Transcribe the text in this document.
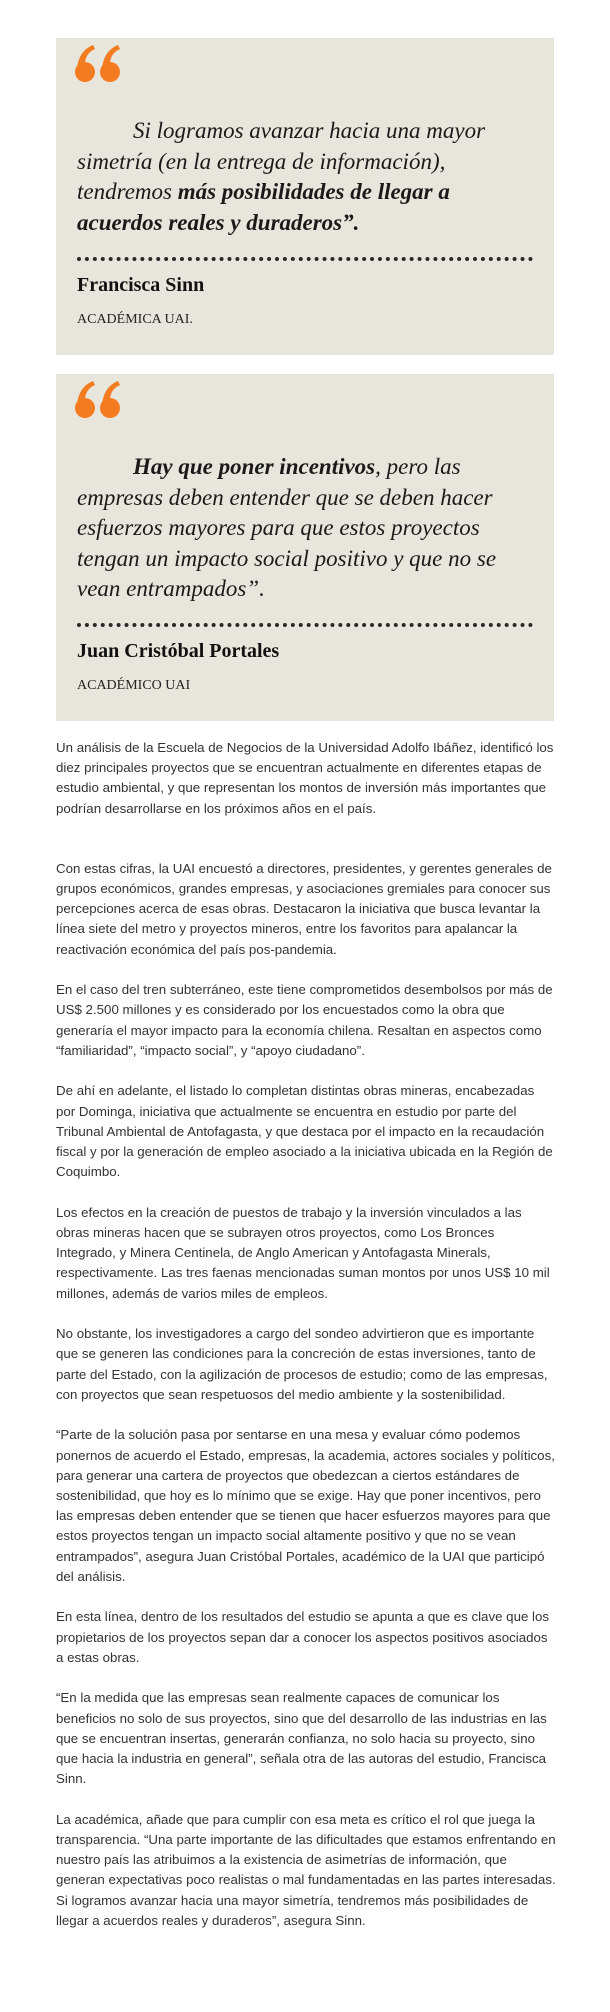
Si logramos avanzar hacia una mayor simetría (en la entrega de información), tendremos más posibilidades de llegar a acuerdos reales y duraderos”.

Francisca Sinn

ACADÉMICA UAI.

Hay que poner incentivos, pero las empresas deben entender que se deben hacer esfuerzos mayores para que estos proyectos tengan un impacto social positivo y que no se vean entrampados”.

Juan Cristóbal Portales

ACADÉMICO UAI

Un análisis de la Escuela de Negocios de la Universidad Adolfo Ibáñez, identificó los diez principales proyectos que se encuentran actualmente en diferentes etapas de estudio ambiental, y que representan los montos de inversión más importantes que podrían desarrollarse en los próximos años en el país.

Con estas cifras, la UAI encuestó a directores, presidentes, y gerentes generales de grupos económicos, grandes empresas, y asociaciones gremiales para conocer sus percepciones acerca de esas obras. Destacaron la iniciativa que busca levantar la línea siete del metro y proyectos mineros, entre los favoritos para apalancar la reactivación económica del país pos-pandemia.

En el caso del tren subterráneo, este tiene comprometidos desembolsos por más de US$ 2.500 millones y es considerado por los encuestados como la obra que generaría el mayor impacto para la economía chilena. Resaltan en aspectos como “familiaridad”, “impacto social”, y “apoyo ciudadano”.

De ahí en adelante, el listado lo completan distintas obras mineras, encabezadas por Dominga, iniciativa que actualmente se encuentra en estudio por parte del Tribunal Ambiental de Antofagasta, y que destaca por el impacto en la recaudación fiscal y por la generación de empleo asociado a la iniciativa ubicada en la Región de Coquimbo.

Los efectos en la creación de puestos de trabajo y la inversión vinculados a las obras mineras hacen que se subrayen otros proyectos, como Los Bronces Integrado, y Minera Centinela, de Anglo American y Antofagasta Minerals, respectivamente. Las tres faenas mencionadas suman montos por unos US$ 10 mil millones, además de varios miles de empleos.

No obstante, los investigadores a cargo del sondeo advirtieron que es importante que se generen las condiciones para la concreción de estas inversiones, tanto de parte del Estado, con la agilización de procesos de estudio; como de las empresas, con proyectos que sean respetuosos del medio ambiente y la sostenibilidad.

“Parte de la solución pasa por sentarse en una mesa y evaluar cómo podemos ponernos de acuerdo el Estado, empresas, la academia, actores sociales y políticos, para generar una cartera de proyectos que obedezcan a ciertos estándares de sostenibilidad, que hoy es lo mínimo que se exige. Hay que poner incentivos, pero las empresas deben entender que se tienen que hacer esfuerzos mayores para que estos proyectos tengan un impacto social altamente positivo y que no se vean entrampados”, asegura Juan Cristóbal Portales, académico de la UAI que participó del análisis.

En esta línea, dentro de los resultados del estudio se apunta a que es clave que los propietarios de los proyectos sepan dar a conocer los aspectos positivos asociados a estas obras.

“En la medida que las empresas sean realmente capaces de comunicar los beneficios no solo de sus proyectos, sino que del desarrollo de las industrias en las que se encuentran insertas, generarán confianza, no solo hacia su proyecto, sino que hacia la industria en general”, señala otra de las autoras del estudio, Francisca Sinn.

La académica, añade que para cumplir con esa meta es crítico el rol que juega la transparencia. “Una parte importante de las dificultades que estamos enfrentando en nuestro país las atribuimos a la existencia de asimetrías de información, que generan expectativas poco realistas o mal fundamentadas en las partes interesadas. Si logramos avanzar hacia una mayor simetría, tendremos más posibilidades de llegar a acuerdos reales y duraderos”, asegura Sinn.
